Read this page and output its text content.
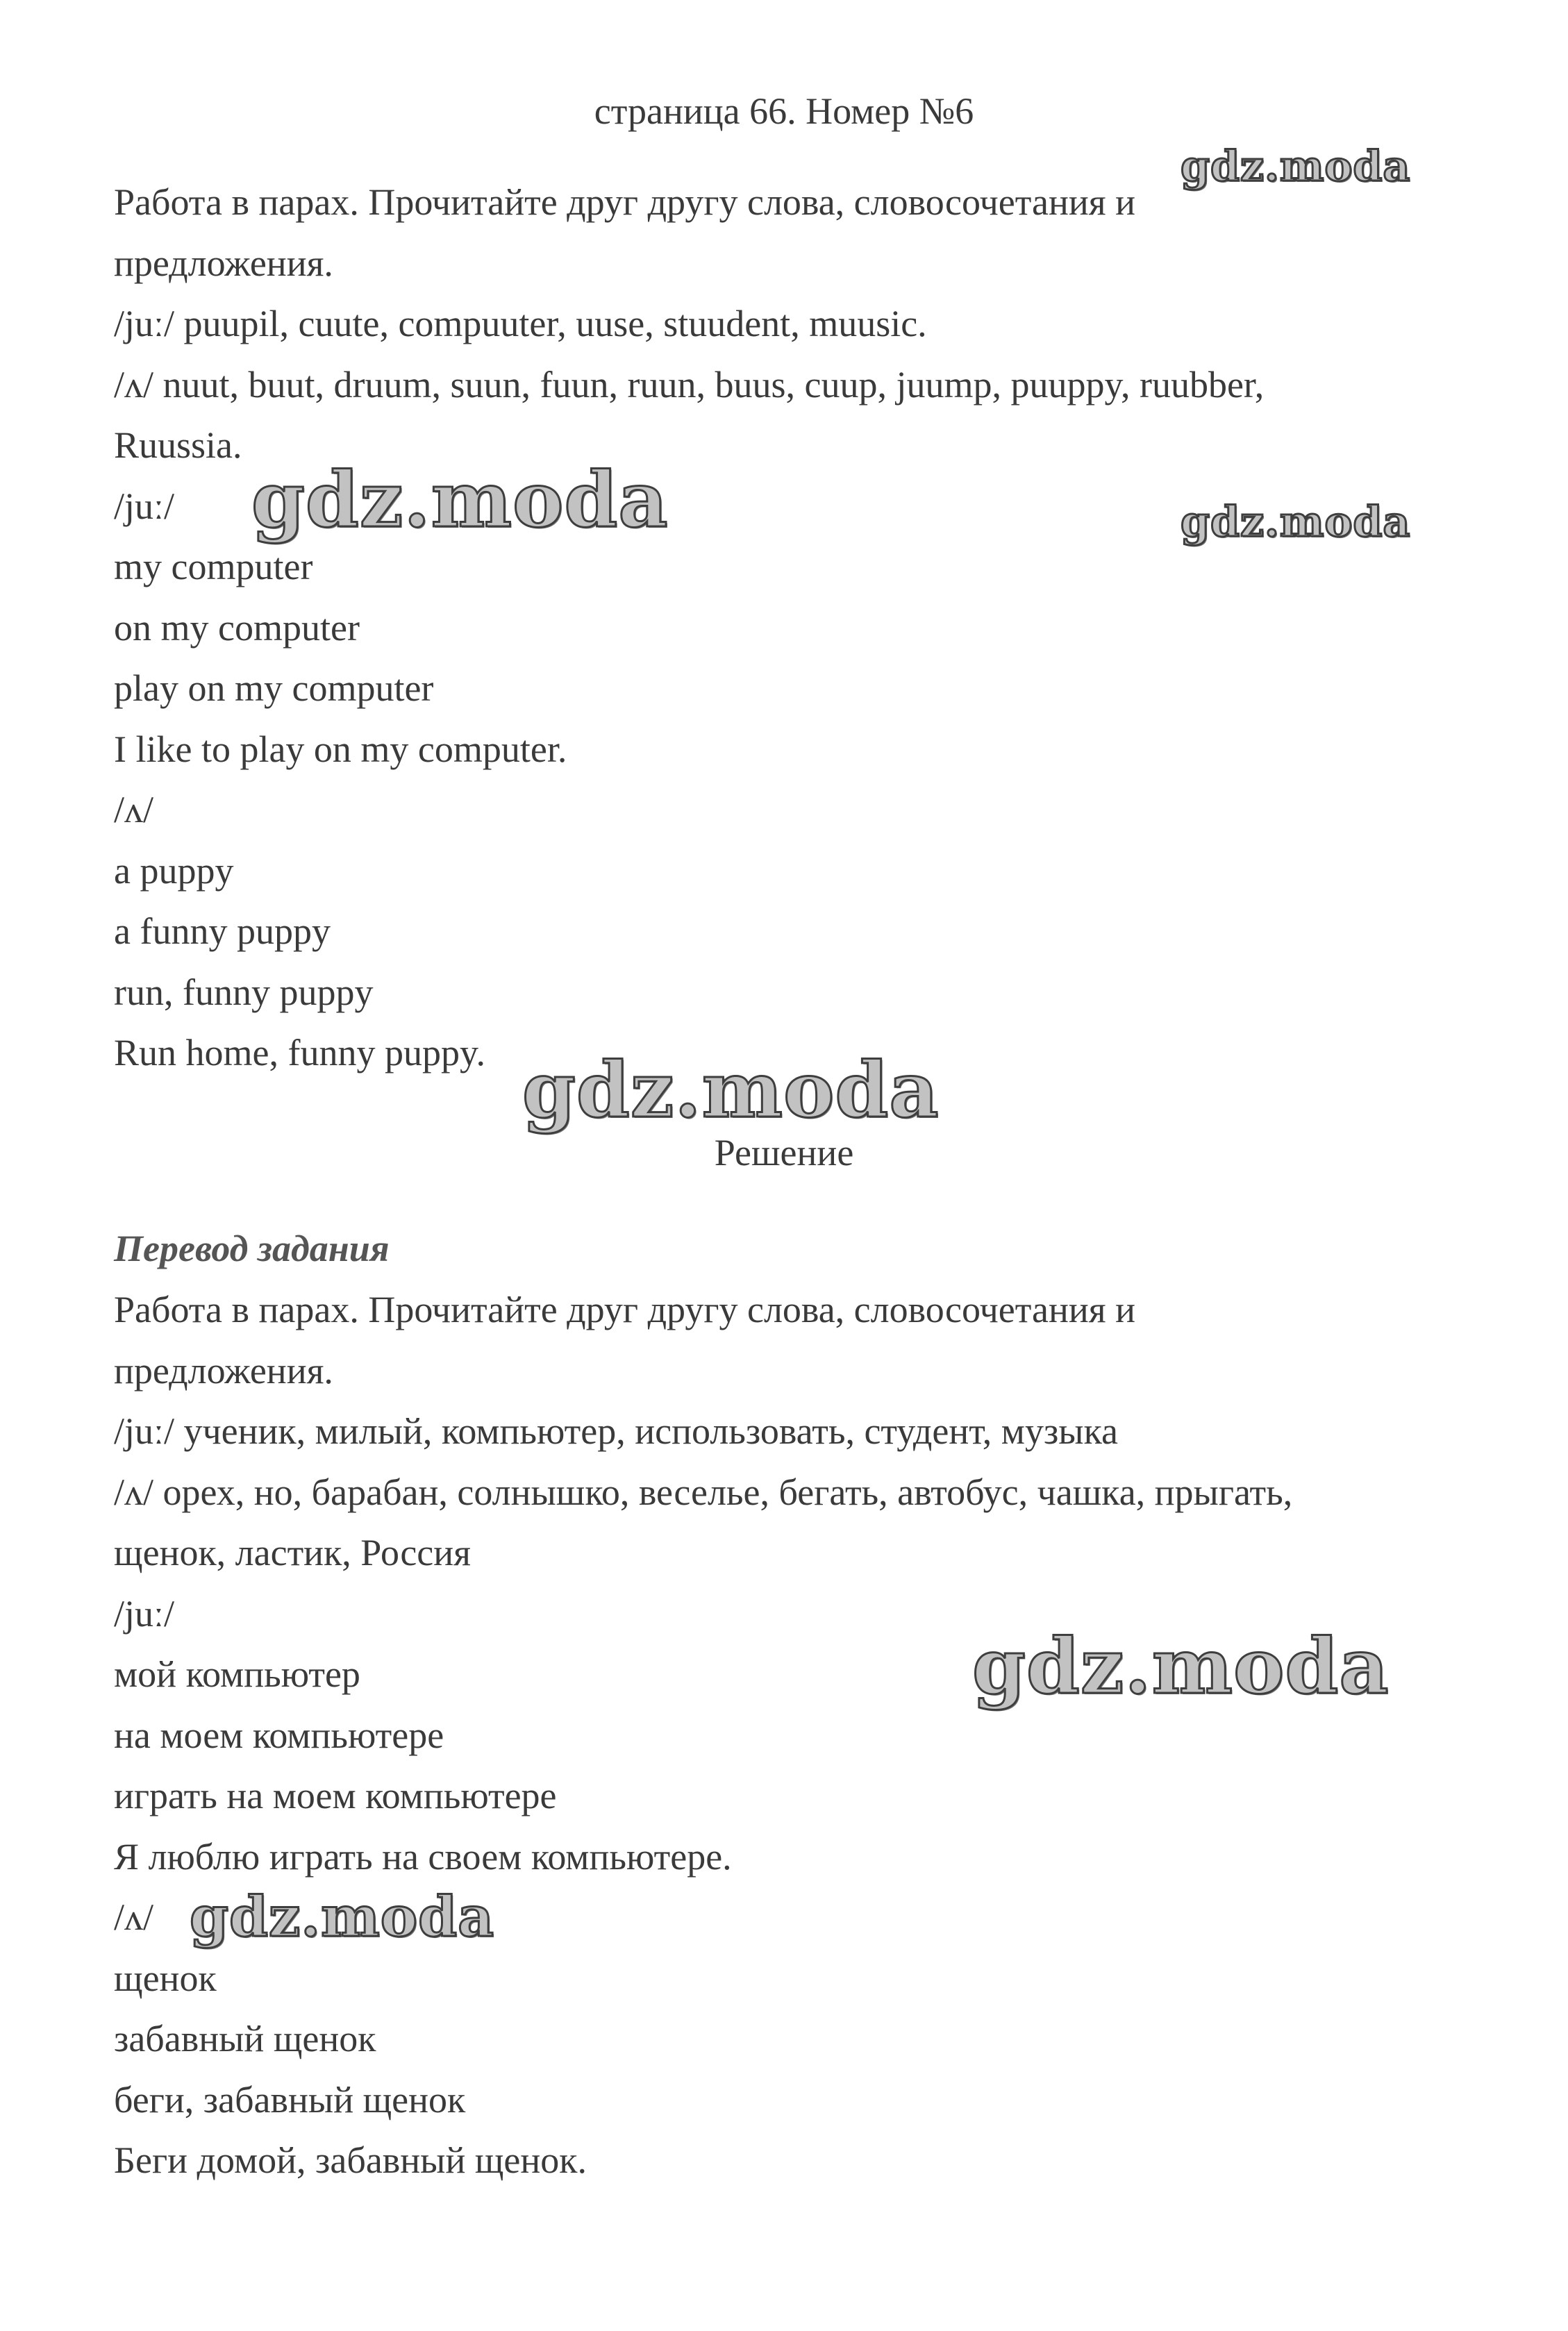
страница 66. Номер №6
Работа в парах. Прочитайте друг другу слова, словосочетания и
предложения.
/juː/ puupil, cuute, compuuter, uuse, stuudent, muusic.
/ʌ/ nuut, buut, druum, suun, fuun, ruun, buus, cuup, juump, puuppy, ruubber,
Ruussia.
/juː/
my computer
on my computer
play on my computer
I like to play on my computer.
/ʌ/
a puppy
a funny puppy
run, funny puppy
Run home, funny puppy.
Решение
Перевод задания
Работа в парах. Прочитайте друг другу слова, словосочетания и
предложения.
/juː/ ученик, милый, компьютер, использовать, студент, музыка
/ʌ/ орех, но, барабан, солнышко, веселье, бегать, автобус, чашка, прыгать,
щенок, ластик, Россия
/juː/
мой компьютер
на моем компьютере
играть на моем компьютере
Я люблю играть на своем компьютере.
/ʌ/
щенок
забавный щенок
беги, забавный щенок
Беги домой, забавный щенок.
gdz.moda
gdz.moda	gdz.moda
gdz.moda
gdz.moda
gdz.moda
